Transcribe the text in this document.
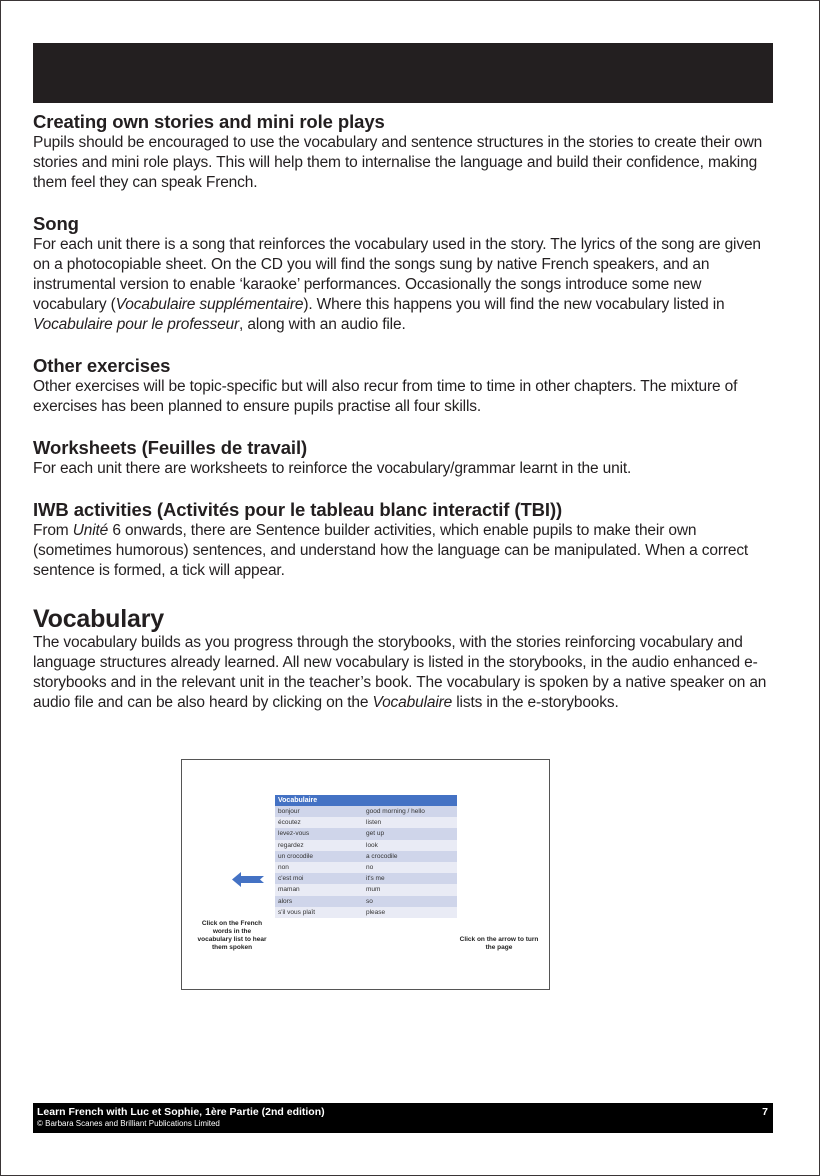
Creating own stories and mini role plays

Pupils should be encouraged to use the vocabulary and sentence structures in the stories to create their own stories and mini role plays. This will help them to internalise the language and build their confidence, making them feel they can speak French.

Song

For each unit there is a song that reinforces the vocabulary used in the story. The lyrics of the song are given on a photocopiable sheet. On the CD you will find the songs sung by native French speakers, and an instrumental version to enable ‘karaoke’ performances. Occasionally the songs introduce some new vocabulary (Vocabulaire supplémentaire). Where this happens you will find the new vocabulary listed in Vocabulaire pour le professeur, along with an audio file.

Other exercises

Other exercises will be topic-specific but will also recur from time to time in other chapters. The mixture of exercises has been planned to ensure pupils practise all four skills.

Worksheets (Feuilles de travail)

For each unit there are worksheets to reinforce the vocabulary/grammar learnt in the unit.

IWB activities (Activités pour le tableau blanc interactif (TBI))

From Unité 6 onwards, there are Sentence builder activities, which enable pupils to make their own (sometimes humorous) sentences, and understand how the language can be manipulated. When a correct sentence is formed, a tick will appear.

Vocabulary

The vocabulary builds as you progress through the storybooks, with the stories reinforcing vocabulary and language structures already learned. All new vocabulary is listed in the storybooks, in the audio enhanced e-storybooks and in the relevant unit in the teacher’s book. The vocabulary is spoken by a native speaker on an audio file and can be also heard by clicking on the Vocabulaire lists in the e-storybooks.

Vocabulaire	
bonjour	good morning / hello
écoutez	listen
levez-vous	get up
regardez	look
un crocodile	a crocodile
non	no
c'est moi	it's me
maman	mum
alors	so
s'il vous plaît	please
Click on the French words in the vocabulary list to hear them spoken
Click on the arrow to turn the page
Learn French with Luc et Sophie, 1ère Partie (2nd edition)
© Barbara Scanes and Brilliant Publications Limited
7
